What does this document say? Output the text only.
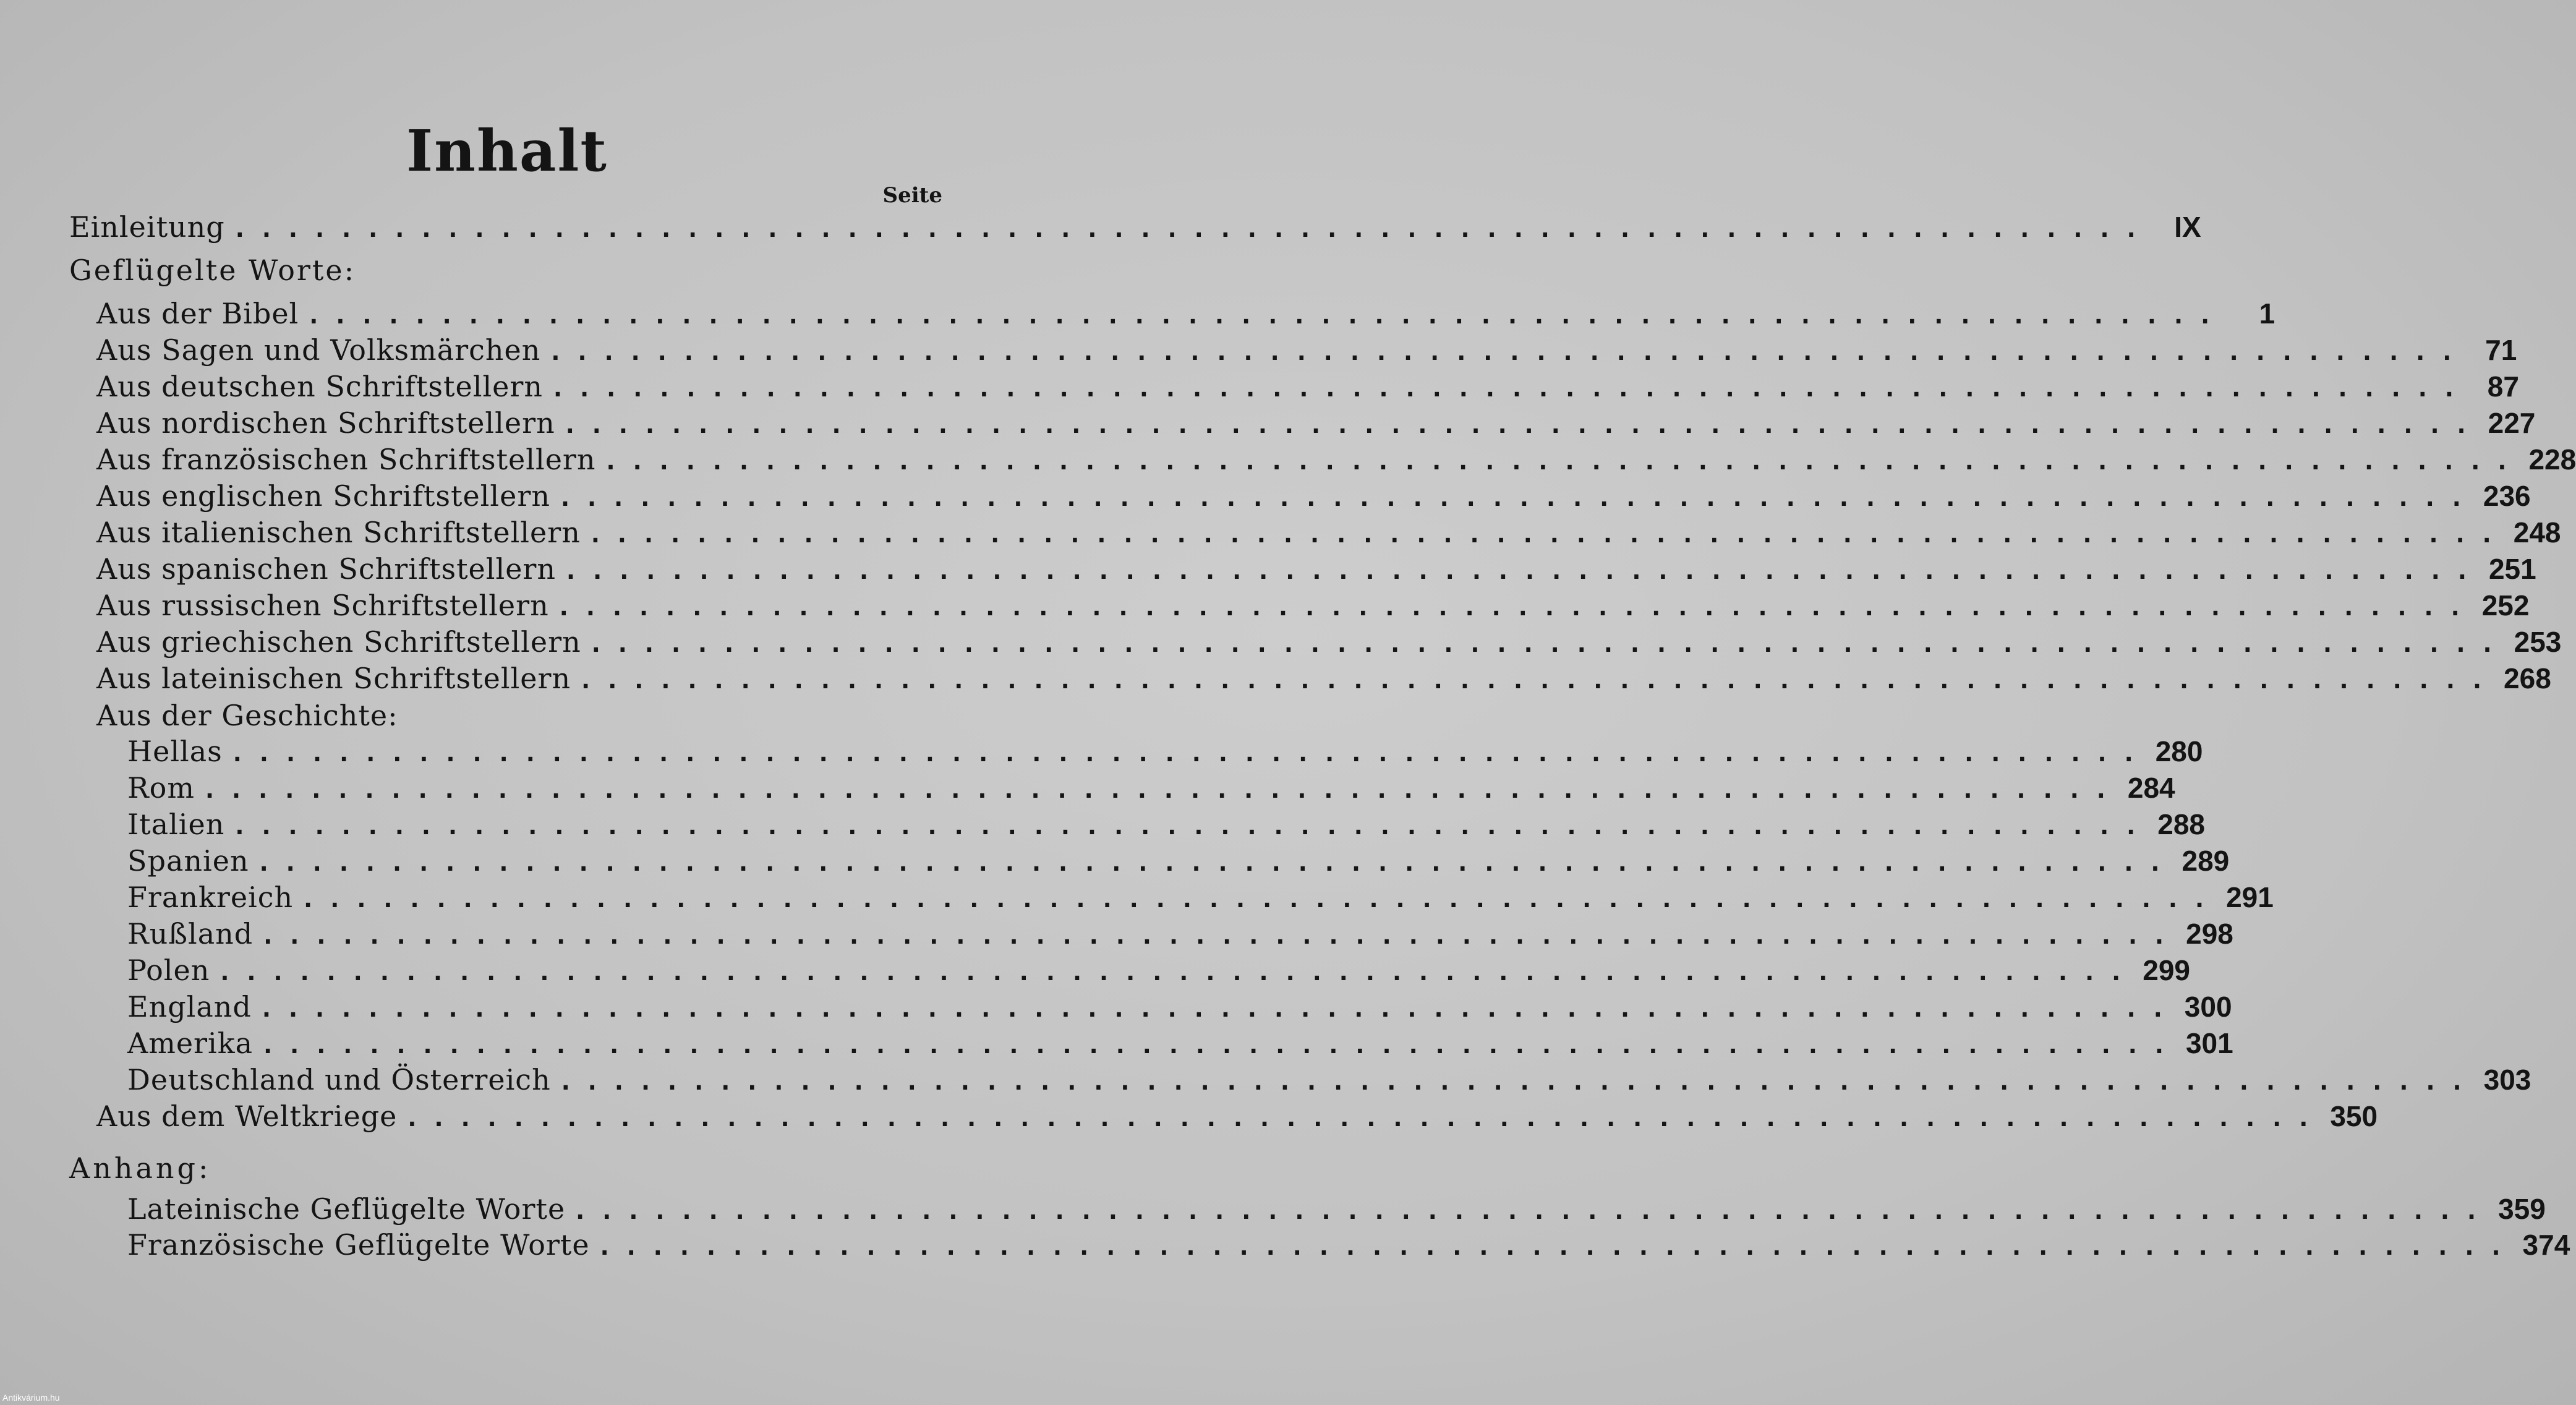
Inhalt
Seite
Einleitung ........................................................................ IX
Geflügelte Worte:
Aus der Bibel ........................................................................	1
Aus Sagen und Volksmärchen ........................................................................ 71
Aus deutschen Schriftstellern ........................................................................ 87
Aus nordischen Schriftstellern ........................................................................ 227
Aus französischen Schriftstellern ........................................................................ 228
Aus englischen Schriftstellern ........................................................................ 236
Aus italienischen Schriftstellern ........................................................................ 248
Aus spanischen Schriftstellern ........................................................................ 251
Aus russischen Schriftstellern ........................................................................ 252
Aus griechischen Schriftstellern ........................................................................ 253
Aus lateinischen Schriftstellern ........................................................................ 268
Aus der Geschichte:
Hellas ........................................................................ 280
Rom ........................................................................ 284
Italien ........................................................................ 288
Spanien ........................................................................ 289
Frankreich ........................................................................ 291
Rußland ........................................................................ 298
Polen ........................................................................ 299
England ........................................................................ 300
Amerika ........................................................................ 301
Deutschland und Österreich ........................................................................ 303
Aus dem Weltkriege ........................................................................ 350
Anhang:
Lateinische Geflügelte Worte ........................................................................ 359
Französische Geflügelte Worte ........................................................................ 374
Antikvárium.hu
